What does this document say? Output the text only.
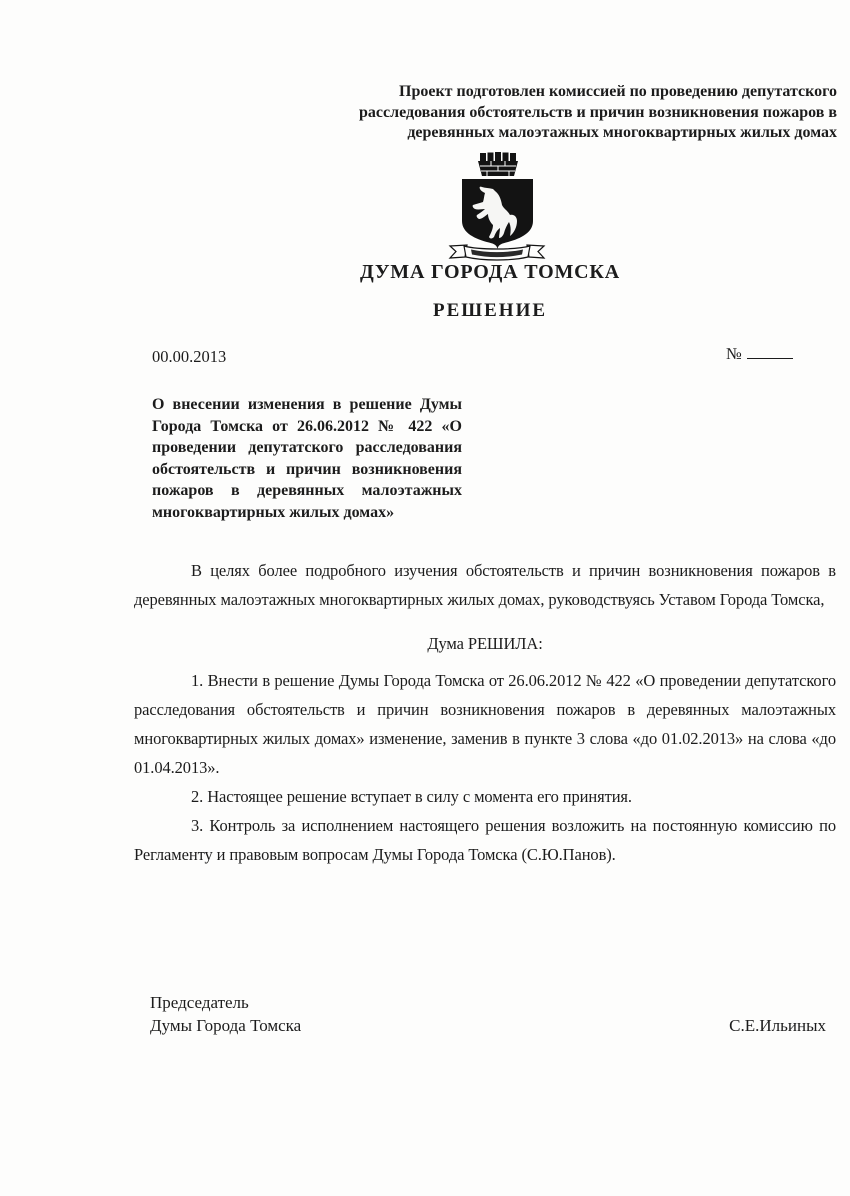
Проект подготовлен комиссией по проведению депутатского расследования обстоятельств и причин возникновения пожаров в деревянных малоэтажных многоквартирных жилых домах
ДУМА ГОРОДА ТОМСКА
РЕШЕНИЕ
00.00.2013	№
О внесении изменения в решение Думы Города Томска от 26.06.2012 № 422 «О проведении депутатского расследования обстоятельств и причин возникновения пожаров в деревянных малоэтажных многоквартирных жилых домах»

В целях более подробного изучения обстоятельств и причин возникновения пожаров в деревянных малоэтажных многоквартирных жилых домах, руководствуясь Уставом Города Томска,

Дума РЕШИЛА:

1. Внести в решение Думы Города Томска от 26.06.2012 № 422 «О проведении депутатского расследования обстоятельств и причин возникновения пожаров в деревянных малоэтажных многоквартирных жилых домах» изменение, заменив в пункте 3 слова «до 01.02.2013» на слова «до 01.04.2013».

2. Настоящее решение вступает в силу с момента его принятия.

3. Контроль за исполнением настоящего решения возложить на постоянную комиссию по Регламенту и правовым вопросам Думы Города Томска (С.Ю.Панов).

Председатель
Думы Города Томска	С.Е.Ильиных
